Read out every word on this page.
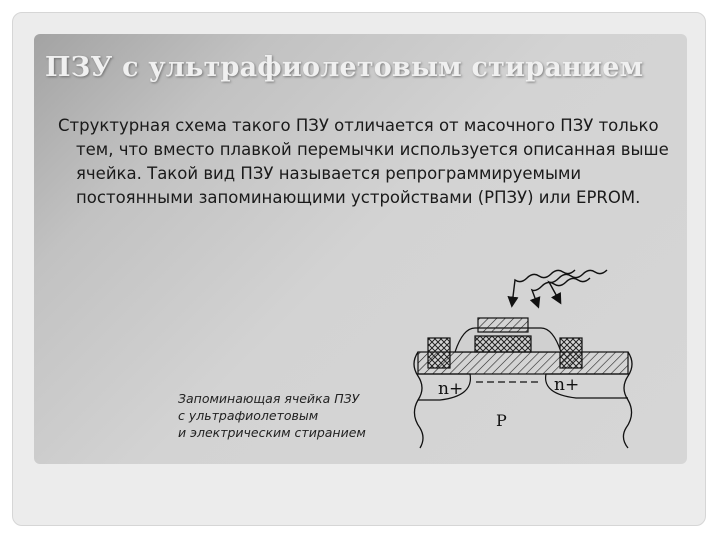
ПЗУ с ультрафиолетовым стиранием

Структурная схема такого ПЗУ отличается от масочного ПЗУ только тем, что вместо плавкой перемычки используется описанная выше ячейка. Такой вид ПЗУ называется репрограммируемыми постоянными запоминающими устройствами (РПЗУ) или EPROM.

Запоминающая ячейка ПЗУ
с ультрафиолетовым
и электрическим стиранием
n+	n+
P
